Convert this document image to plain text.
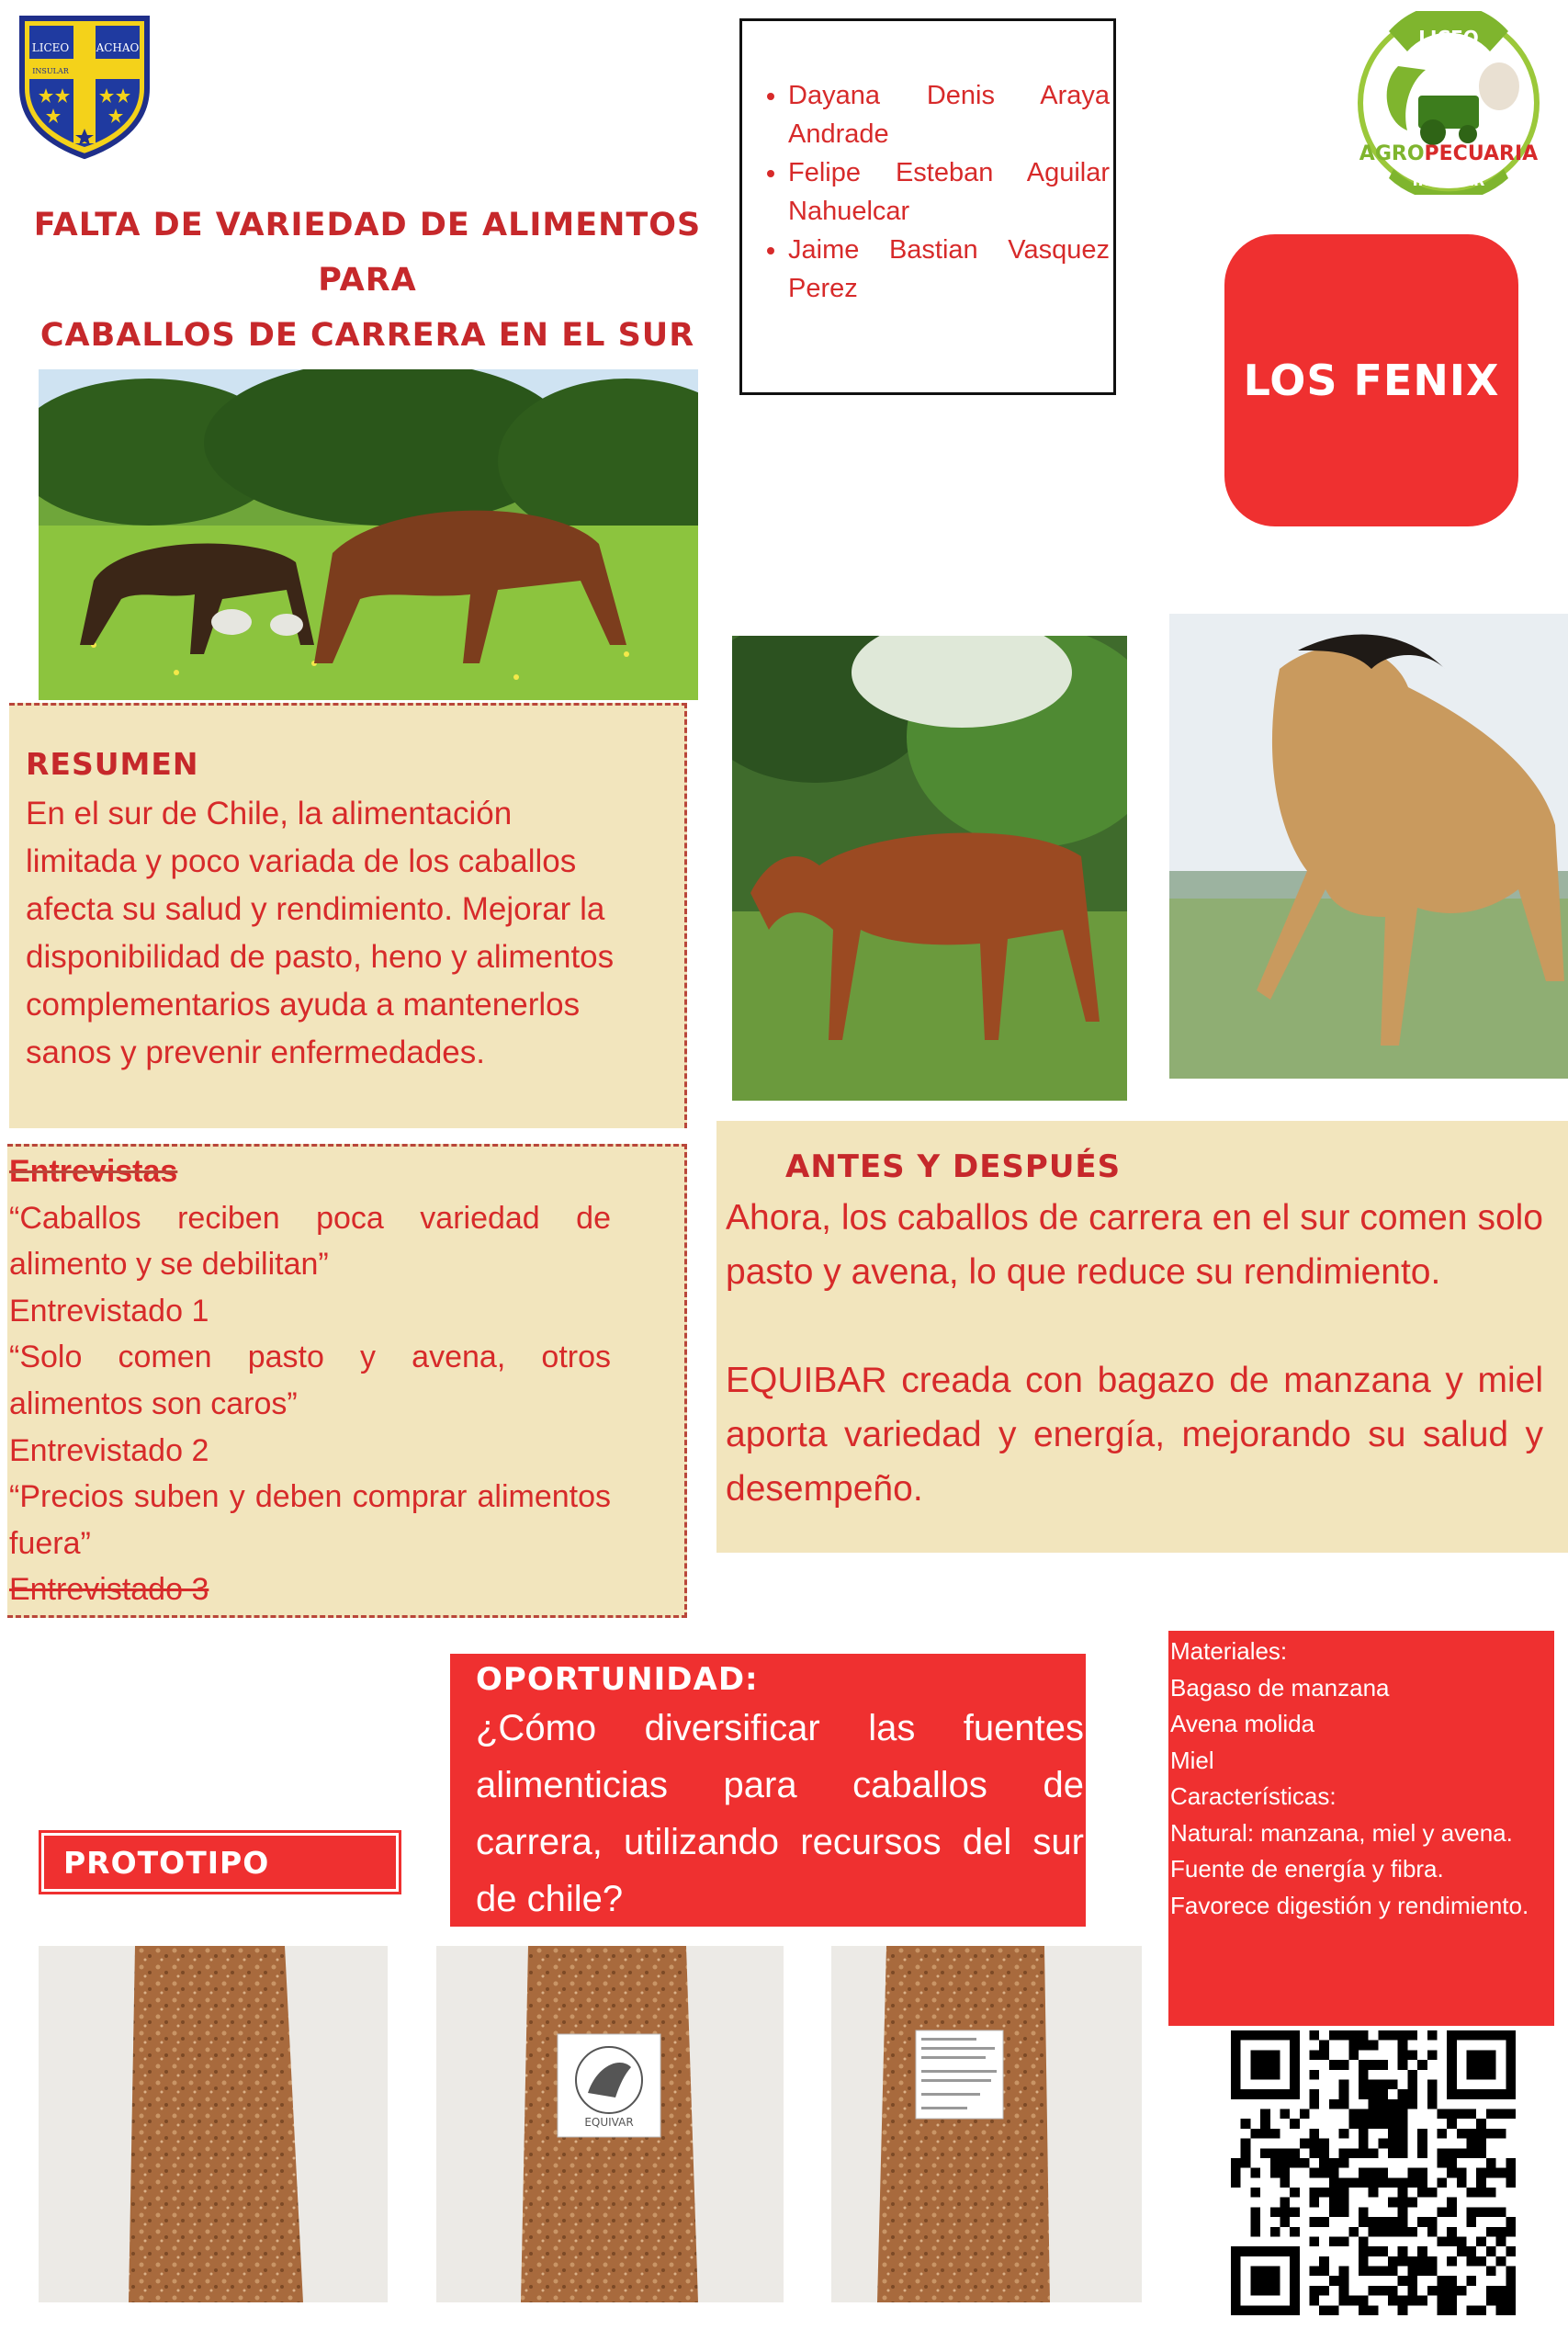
LICEO
INSULAR
ACHAO
FALTA DE VARIEDAD DE ALIMENTOS PARA
CABALLOS DE CARRERA EN EL SUR
• Dayana Denis Araya Andrade
• Felipe Esteban Aguilar Nahuelcar
• Jaime Bastian Vasquez Perez
LICEO
AGROPECUARIA
INSULAR
LOS FENIX
RESUMEN
En el sur de Chile, la alimentación limitada y poco variada de los caballos afecta su salud y rendimiento. Mejorar la disponibilidad de pasto, heno y alimentos complementarios ayuda a mantenerlos sanos y prevenir enfermedades.
Entrevistas
“Caballos reciben poca variedad de alimento y se debilitan”
Entrevistado 1
“Solo comen pasto y avena, otros alimentos son caros”
Entrevistado 2
“Precios suben y deben comprar alimentos fuera”
Entrevistado 3
ANTES Y DESPUÉS
Ahora, los caballos de carrera en el sur comen solo pasto y avena, lo que reduce su rendimiento.
EQUIBAR creada con bagazo de manzana y miel aporta variedad y energía, mejorando su salud y desempeño.
OPORTUNIDAD:
¿Cómo diversificar las fuentes alimenticias para caballos de carrera, utilizando recursos del sur de chile?
PROTOTIPO
Materiales:
Bagaso de manzana
Avena molida
Miel
Características:
Natural: manzana, miel y avena.
Fuente de energía y fibra.
Favorece digestión y rendimiento.
EQUIVAR
